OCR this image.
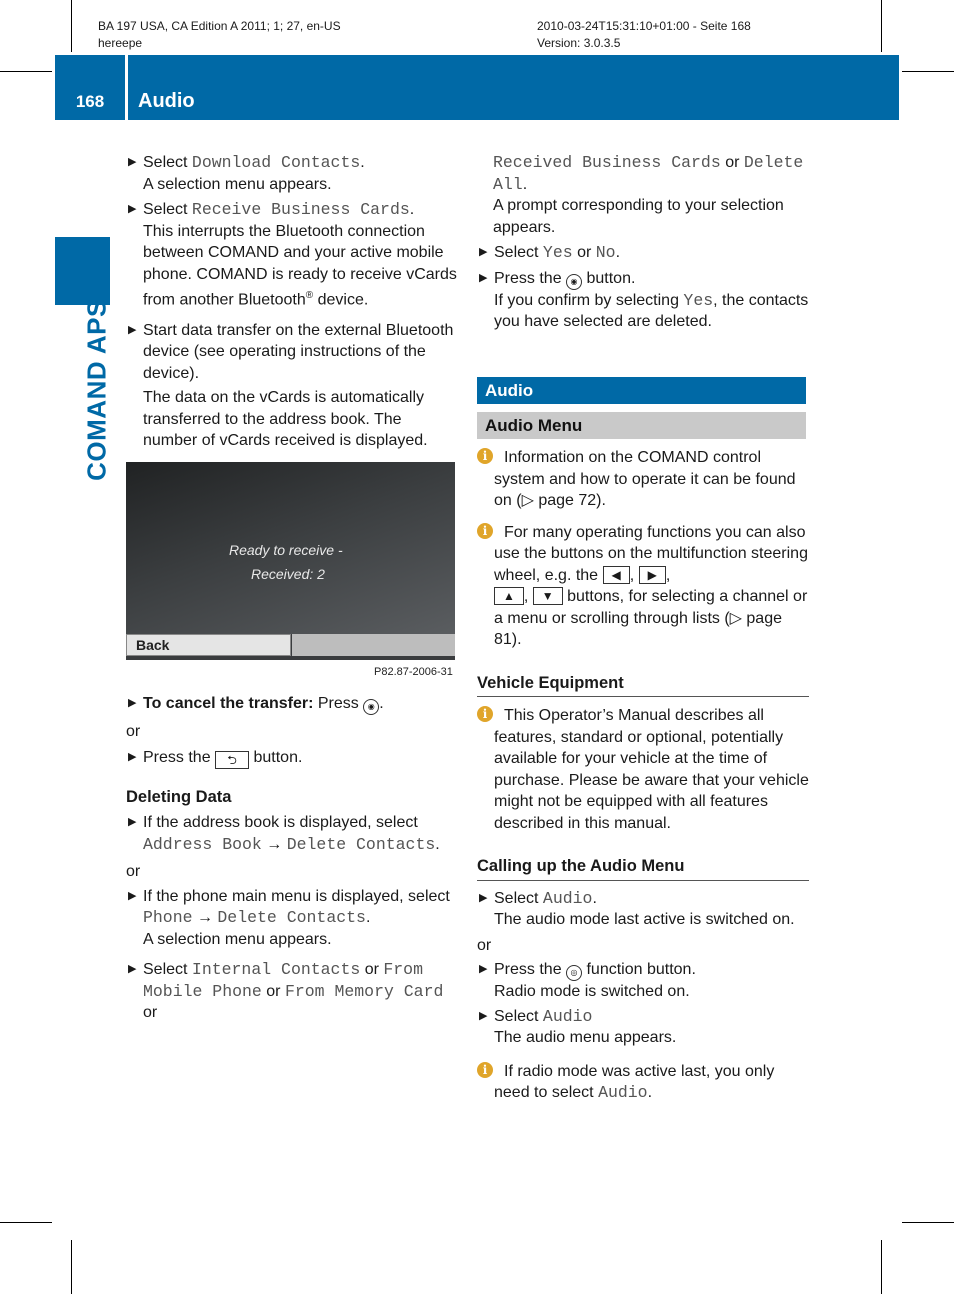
BA 197 USA, CA Edition A 2011; 1; 27, en-US
hereepe
2010-03-24T15:31:10+01:00 - Seite 168
Version: 3.0.3.5
168	Audio
COMAND APS

▶ Select Download Contacts.
A selection menu appears.

▶ Select Receive Business Cards.
This interrupts the Bluetooth connection between COMAND and your active mobile phone. COMAND is ready to receive vCards from another Bluetooth® device.

▶ Start data transfer on the external Bluetooth device (see operating instructions of the device).

The data on the vCards is automatically transferred to the address book. The number of vCards received is displayed.

Ready to receive -
Received: 2
Back
P82.87-2006-31

▶ To cancel the transfer: Press ◉ .

or

▶ Press the ⮌ button.

Deleting Data

▶ If the address book is displayed, select
Address Book → Delete Contacts.

or

▶ If the phone main menu is displayed, select
Phone → Delete Contacts.
A selection menu appears.

▶ Select Internal Contacts or From Mobile Phone or From Memory Card or

Received Business Cards or Delete All.
A prompt corresponding to your selection appears.

▶ Select Yes or No.

▶ Press the ◉ button.
If you confirm by selecting Yes, the contacts you have selected are deleted.

Audio
Audio Menu

i	Information on the COMAND control system and how to operate it can be found on (▷ page 72).

i	For many operating functions you can also use the buttons on the multifunction steering wheel, e.g. the ◀ , ▶ ,
▲ , ▼ buttons, for selecting a channel or a menu or scrolling through lists (▷ page 81).

Vehicle Equipment

i	This Operator’s Manual describes all features, standard or optional, potentially available for your vehicle at the time of purchase. Please be aware that your vehicle might not be equipped with all features described in this manual.

Calling up the Audio Menu

▶ Select Audio.
The audio mode last active is switched on.

or

▶ Press the ◎ function button.
Radio mode is switched on.

▶ Select Audio
The audio menu appears.

i	If radio mode was active last, you only need to select Audio.
